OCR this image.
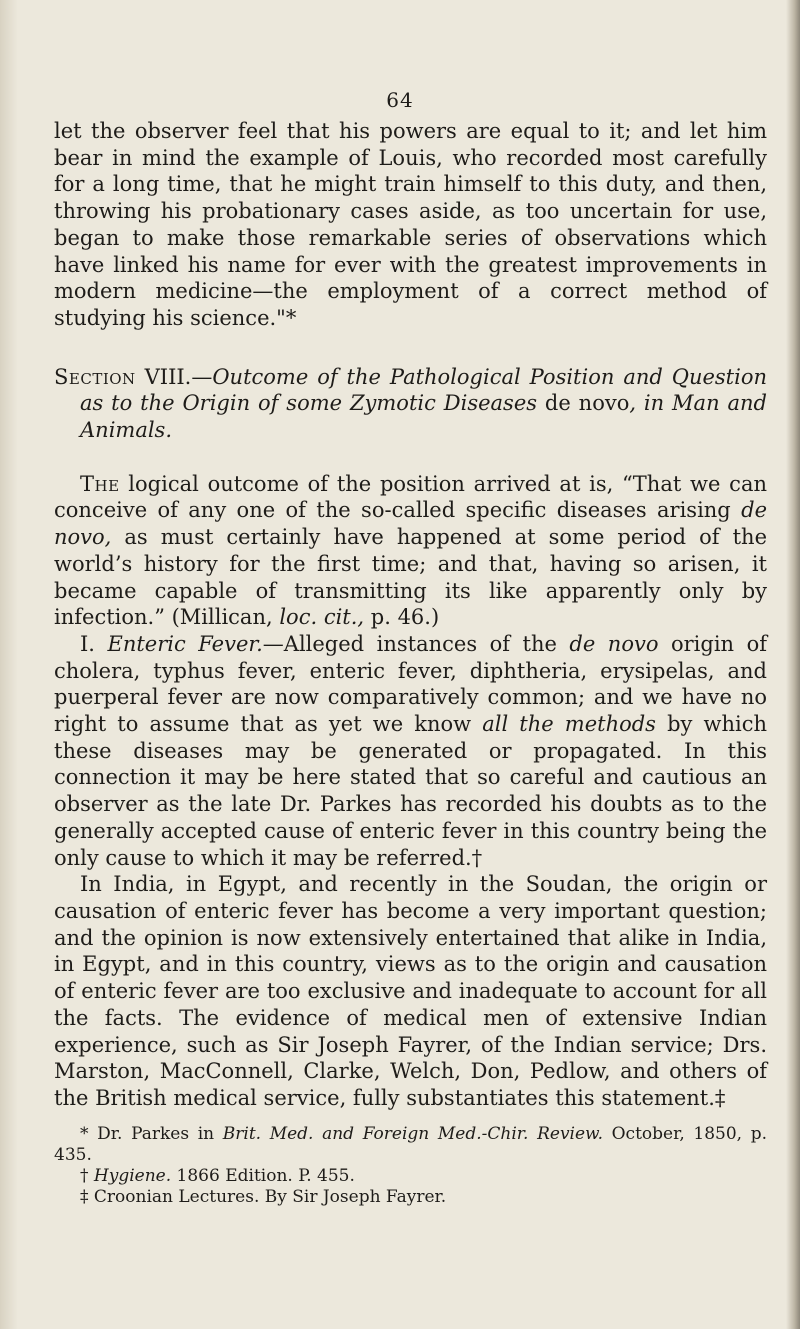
64

let the observer feel that his powers are equal to it; and let him bear in mind the example of Louis, who recorded most carefully for a long time, that he might train himself to this duty, and then, throwing his probationary cases aside, as too uncertain for use, began to make those remarkable series of observations which have linked his name for ever with the greatest improvements in modern medicine—the employment of a correct method of studying his science."*

Section VIII.—Outcome of the Pathological Position and Question as to the Origin of some Zymotic Diseases de novo, in Man and Animals.

The logical outcome of the position arrived at is, “That we can conceive of any one of the so-called specific diseases arising de novo, as must certainly have happened at some period of the world’s history for the first time; and that, having so arisen, it became capable of transmitting its like apparently only by infection.” (Millican, loc. cit., p. 46.)

I. Enteric Fever.—Alleged instances of the de novo origin of cholera, typhus fever, enteric fever, diphtheria, erysipelas, and puerperal fever are now comparatively common; and we have no right to assume that as yet we know all the methods by which these diseases may be generated or propagated. In this connection it may be here stated that so careful and cautious an observer as the late Dr. Parkes has recorded his doubts as to the generally accepted cause of enteric fever in this country being the only cause to which it may be referred.†

In India, in Egypt, and recently in the Soudan, the origin or causation of enteric fever has become a very important question; and the opinion is now extensively entertained that alike in India, in Egypt, and in this country, views as to the origin and causation of enteric fever are too exclusive and inadequate to account for all the facts. The evidence of medical men of extensive Indian experience, such as Sir Joseph Fayrer, of the Indian service; Drs. Marston, MacConnell, Clarke, Welch, Don, Pedlow, and others of the British medical service, fully substantiates this statement.‡

* Dr. Parkes in Brit. Med. and Foreign Med.-Chir. Review. October, 1850, p. 435.

† Hygiene. 1866 Edition. P. 455.

‡ Croonian Lectures. By Sir Joseph Fayrer.
